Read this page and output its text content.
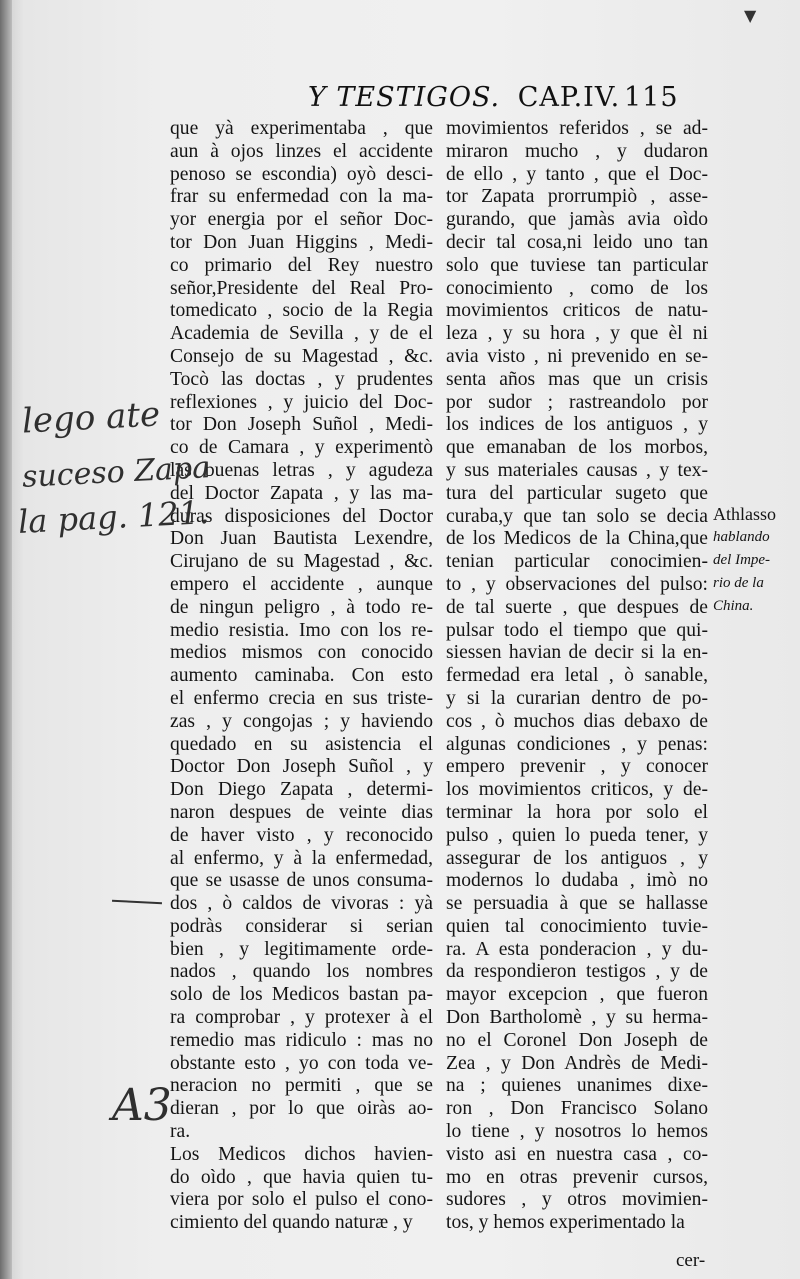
▼
Y TESTIGOS. CAP.IV. 115
que yà experimentaba , que
aun à ojos linzes el accidente
penoso se escondia) oyò desci-
frar su enfermedad con la ma-
yor energia por el señor Doc-
tor Don Juan Higgins , Medi-
co primario del Rey nuestro
señor,Presidente del Real Pro-
tomedicato , socio de la Regia
Academia de Sevilla , y de el
Consejo de su Magestad , &c.
Tocò las doctas , y prudentes
reflexiones , y juicio del Doc-
tor Don Joseph Suñol , Medi-
co de Camara , y experimentò
las buenas letras , y agudeza
del Doctor Zapata , y las ma-
duras disposiciones del Doctor
Don Juan Bautista Lexendre,
Cirujano de su Magestad , &c.
empero el accidente , aunque
de ningun peligro , à todo re-
medio resistia. Imo con los re-
medios mismos con conocido
aumento caminaba. Con esto
el enfermo crecia en sus triste-
zas , y congojas ; y haviendo
quedado en su asistencia el
Doctor Don Joseph Suñol , y
Don Diego Zapata , determi-
naron despues de veinte dias
de haver visto , y reconocido
al enfermo, y à la enfermedad,
que se usasse de unos consuma-
dos , ò caldos de vivoras : yà
podràs considerar si serian
bien , y legitimamente orde-
nados , quando los nombres
solo de los Medicos bastan pa-
ra comprobar , y protexer à el
remedio mas ridiculo : mas no
obstante esto , yo con toda ve-
neracion no permiti , que se
dieran , por lo que oiràs ao-
ra.
Los Medicos dichos havien-
do oìdo , que havia quien tu-
viera por solo el pulso el cono-
cimiento del quando naturæ , y
movimientos referidos , se ad-
miraron mucho , y dudaron
de ello , y tanto , que el Doc-
tor Zapata prorrumpiò , asse-
gurando, que jamàs avia oìdo
decir tal cosa,ni leido uno tan
solo que tuviese tan particular
conocimiento , como de los
movimientos criticos de natu-
leza , y su hora , y que èl ni
avia visto , ni prevenido en se-
senta años mas que un crisis
por sudor ; rastreandolo por
los indices de los antiguos , y
que emanaban de los morbos,
y sus materiales causas , y tex-
tura del particular sugeto que
curaba,y que tan solo se decia
de los Medicos de la China,que
tenian particular conocimien-
to , y observaciones del pulso:
de tal suerte , que despues de
pulsar todo el tiempo que qui-
siessen havian de decir si la en-
fermedad era letal , ò sanable,
y si la curarian dentro de po-
cos , ò muchos dias debaxo de
algunas condiciones , y penas:
empero prevenir , y conocer
los movimientos criticos, y de-
terminar la hora por solo el
pulso , quien lo pueda tener, y
assegurar de los antiguos , y
modernos lo dudaba , imò no
se persuadia à que se hallasse
quien tal conocimiento tuvie-
ra. A esta ponderacion , y du-
da respondieron testigos , y de
mayor excepcion , que fueron
Don Bartholomè , y su herma-
no el Coronel Don Joseph de
Zea , y Don Andrès de Medi-
na ; quienes unanimes dixe-
ron , Don Francisco Solano
lo tiene , y nosotros lo hemos
visto asi en nuestra casa , co-
mo en otras prevenir cursos,
sudores , y otros movimien-
tos, y hemos experimentado la
Athlasso
hablando
del Impe-
rio de la
China.
lego ate
suceso Zapa
la pag. 121.
A3
cer-
